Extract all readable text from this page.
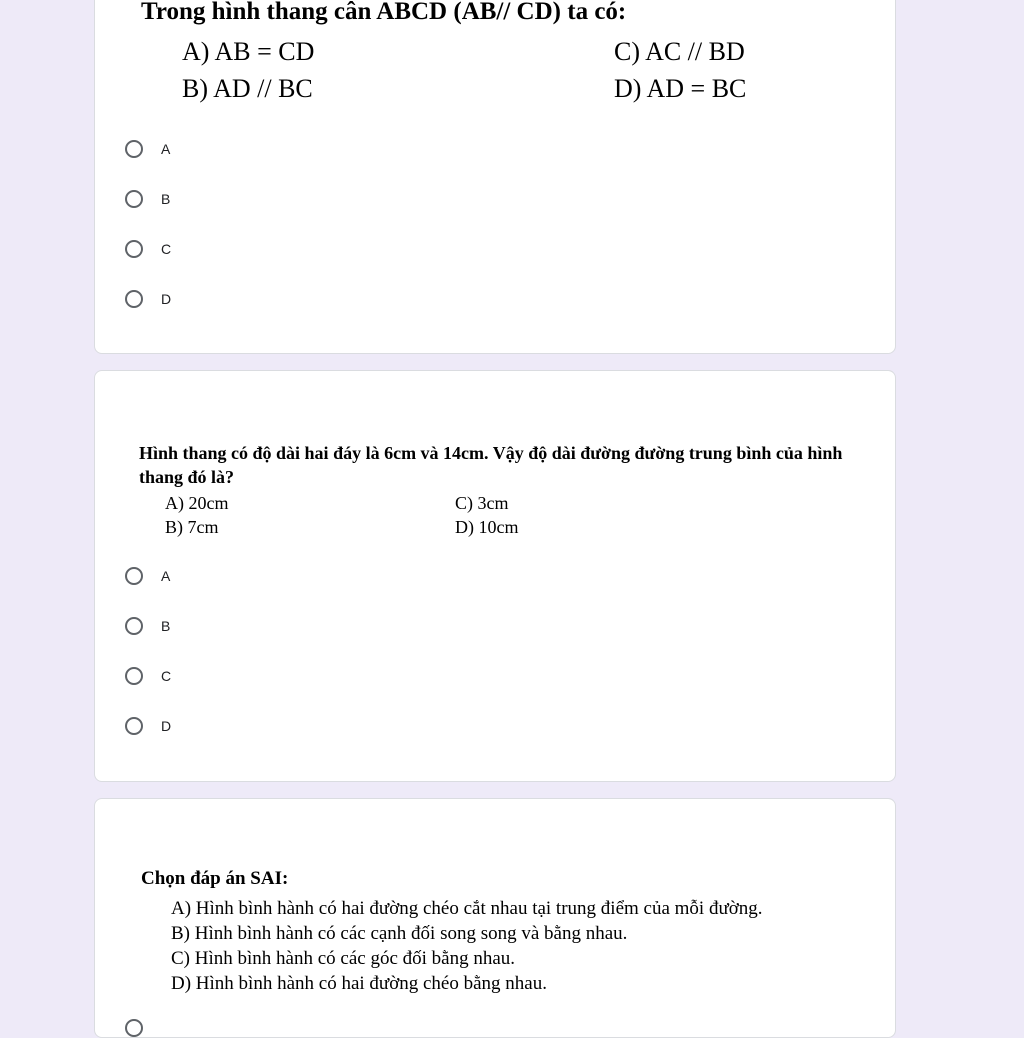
Trong hình thang cân ABCD (AB// CD) ta có:
A) AB = CD
B) AD // BC
C) AC // BD
D) AD = BC
A
B
C
D
Hình thang có độ dài hai đáy là 6cm và 14cm. Vậy độ dài đường đường trung bình của hình thang đó là?
A) 20cm
B) 7cm
C) 3cm
D) 10cm
A
B
C
D
Chọn đáp án SAI:
A) Hình bình hành có hai đường chéo cắt nhau tại trung điểm của mỗi đường.
B) Hình bình hành có các cạnh đối song song và bằng nhau.
C) Hình bình hành có các góc đối bằng nhau.
D) Hình bình hành có hai đường chéo bằng nhau.
